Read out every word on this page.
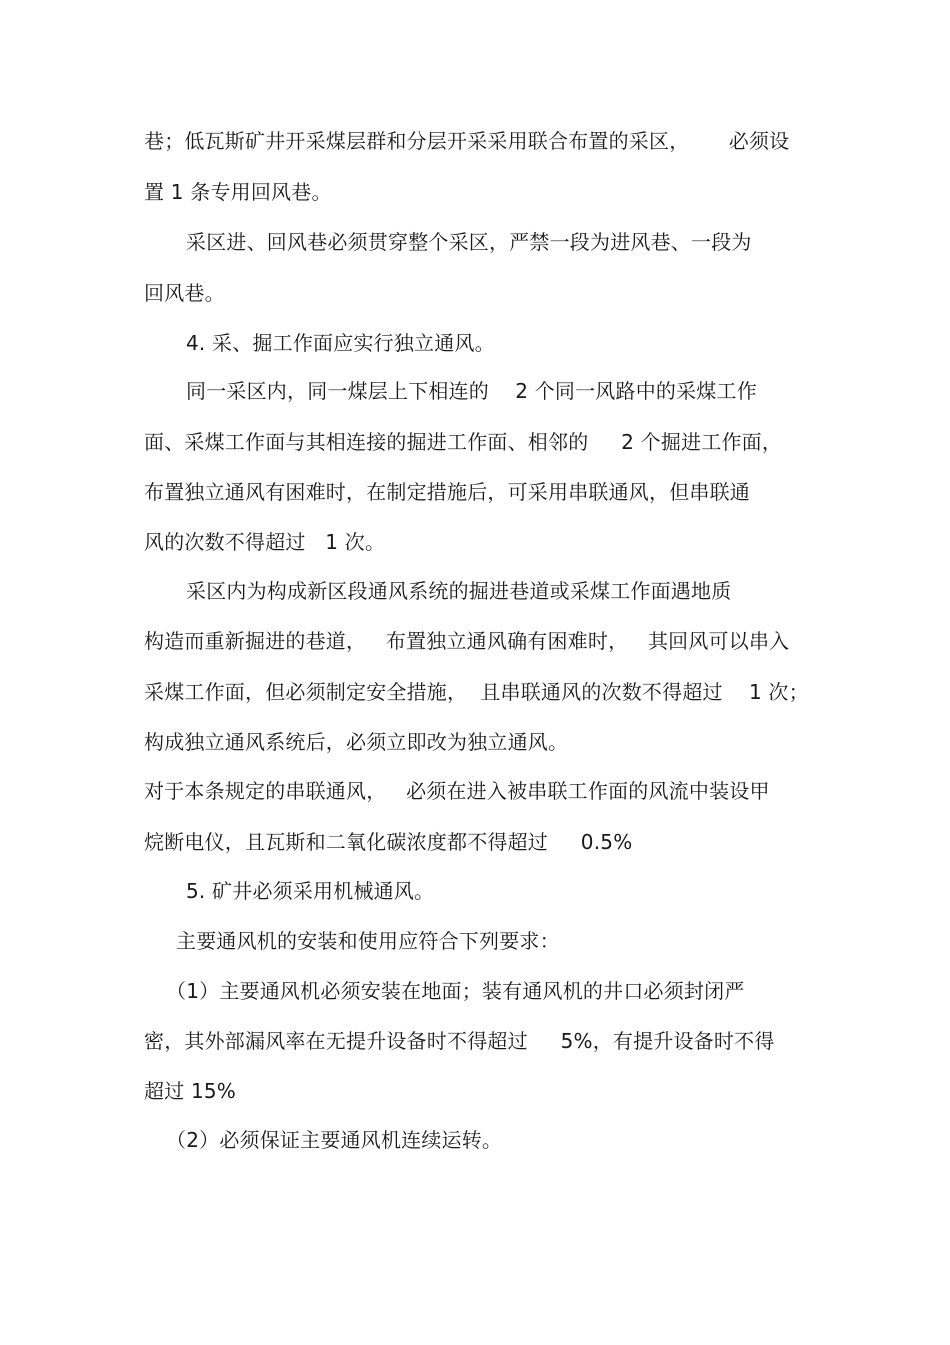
巷；低瓦斯矿井开采煤层群和分层开采采用联合布置的采区，      必须设
置 1 条专用回风巷。
采区进、回风巷必须贯穿整个采区，严禁一段为进风巷、一段为
回风巷。
4. 采、掘工作面应实行独立通风。
同一采区内，同一煤层上下相连的    2 个同一风路中的采煤工作
面、采煤工作面与其相连接的掘进工作面、相邻的     2 个掘进工作面，
布置独立通风有困难时，在制定措施后，可采用串联通风，但串联通
风的次数不得超过   1 次。
采区内为构成新区段通风系统的掘进巷道或采煤工作面遇地质
构造而重新掘进的巷道，   布置独立通风确有困难时，   其回风可以串入
采煤工作面，但必须制定安全措施，  且串联通风的次数不得超过    1 次；
构成独立通风系统后，必须立即改为独立通风。
对于本条规定的串联通风，   必须在进入被串联工作面的风流中装设甲
烷断电仪，且瓦斯和二氧化碳浓度都不得超过     0.5%
5. 矿井必须采用机械通风。
主要通风机的安装和使用应符合下列要求：
（1）主要通风机必须安装在地面；装有通风机的井口必须封闭严
密，其外部漏风率在无提升设备时不得超过     5%，有提升设备时不得
超过 15%
（2）必须保证主要通风机连续运转。
